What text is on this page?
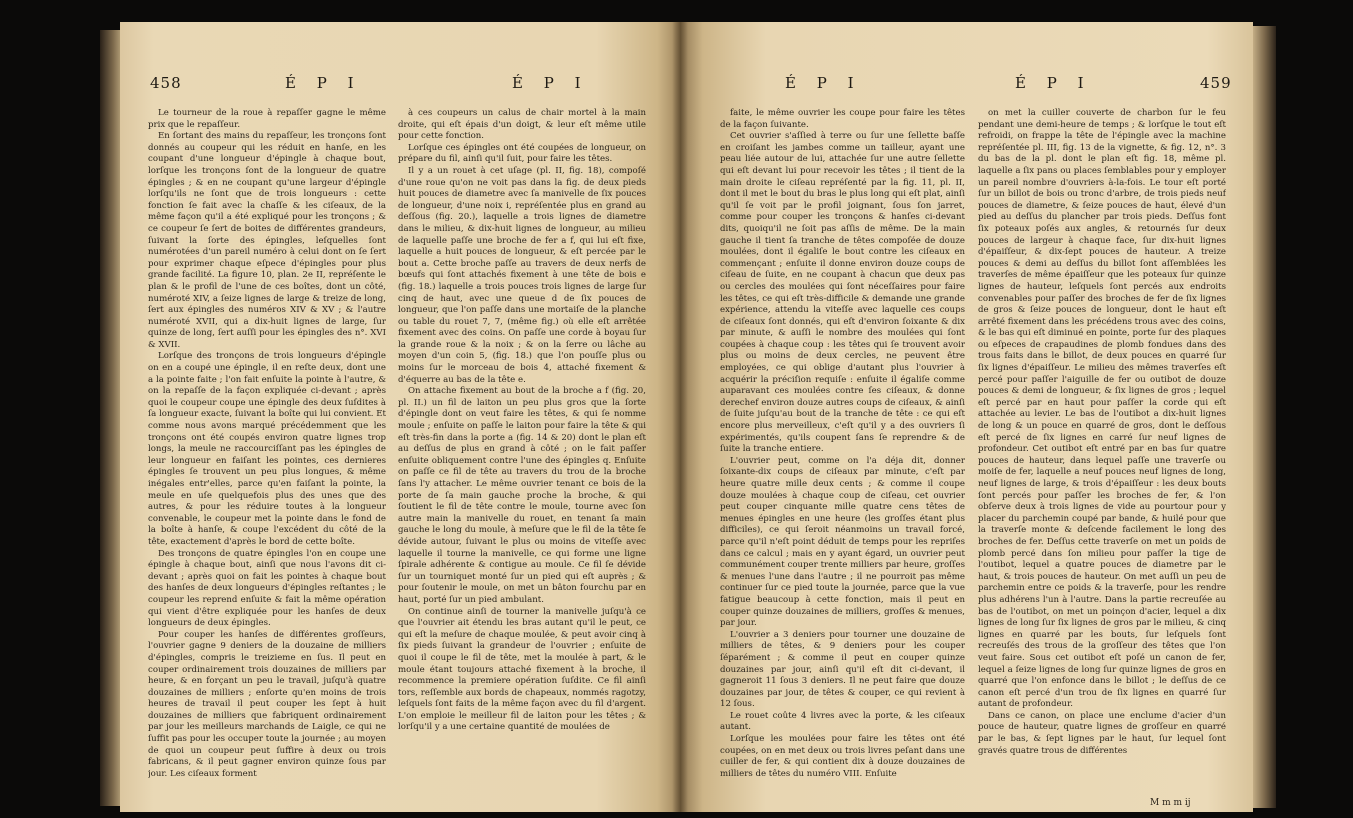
458	É P I	É P I

Le tourneur de la roue à repaſſer gagne le même prix que le repaſſeur.

En ſortant des mains du repaſſeur, les tronçons ſont donnés au coupeur qui les réduit en hanſe, en les coupant d'une longueur d'épingle à chaque bout, lorſque les tronçons ſont de la longueur de quatre épingles ; & en ne coupant qu'une largeur d'épingle lorſqu'ils ne ſont que de trois longueurs : cette fonction ſe fait avec la chaſſe & les ciſeaux, de la même façon qu'il a été expliqué pour les tronçons ; & ce coupeur ſe ſert de boites de différentes grandeurs, ſuivant la ſorte des épingles, leſquelles ſont numérotées d'un pareil numéro à celui dont on ſe ſert pour exprimer chaque eſpece d'épingles pour plus grande facilité. La figure 10, plan. 2e II, repréſente le plan & le profil de l'une de ces boîtes, dont un côté, numéroté XIV, a ſeize lignes de large & treize de long, ſert aux épingles des numéros XIV & XV ; & l'autre numéroté XVII, qui a dix-huit lignes de large, ſur quinze de long, ſert auſſi pour les épingles des n°. XVI & XVII.

Lorſque des tronçons de trois longueurs d'épingle on en a coupé une épingle, il en reſte deux, dont une a la pointe faite ; l'on fait enſuite la pointe à l'autre, & on la repaſſe de la façon expliquée ci-devant ; après quoi le coupeur coupe une épingle des deux ſuſdites à ſa longueur exacte, ſuivant la boîte qui lui convient. Et comme nous avons marqué précédemment que les tronçons ont été coupés environ quatre lignes trop longs, la meule ne raccourciſſant pas les épingles de leur longueur en faiſant les pointes, ces dernieres épingles ſe trouvent un peu plus longues, & même inégales entr'elles, parce qu'en faiſant la pointe, la meule en uſe quelquefois plus des unes que des autres, & pour les réduire toutes à la longueur convenable, le coupeur met la pointe dans le fond de la boîte à hanſe, & coupe l'excédent du côté de la tête, exactement d'après le bord de cette boîte.

Des tronçons de quatre épingles l'on en coupe une épingle à chaque bout, ainſi que nous l'avons dit ci-devant ; après quoi on fait les pointes à chaque bout des hanſes de deux longueurs d'épingles reſtantes ; le coupeur les reprend enſuite & fait la même opération qui vient d'être expliquée pour les hanſes de deux longueurs de deux épingles.

Pour couper les hanſes de différentes groſſeurs, l'ouvrier gagne 9 deniers de la douzaine de milliers d'épingles, compris le treizieme en ſus. Il peut en couper ordinairement trois douzaines de milliers par heure, & en forçant un peu le travail, juſqu'à quatre douzaines de milliers ; enſorte qu'en moins de trois heures de travail il peut couper les ſept à huit douzaines de milliers que fabriquent ordinairement par jour les meilleurs marchands de Laigle, ce qui ne ſuffit pas pour les occuper toute la journée ; au moyen de quoi un coupeur peut ſuffire à deux ou trois fabricans, & il peut gagner environ quinze ſous par jour. Les ciſeaux forment

à ces coupeurs un calus de chair mortel à la main droite, qui eſt épais d'un doigt, & leur eſt même utile pour cette fonction.

Lorſque ces épingles ont été coupées de longueur, on prépare du fil, ainſi qu'il ſuit, pour faire les têtes.

Il y a un rouet à cet uſage (pl. II, fig. 18), compoſé d'une roue qu'on ne voit pas dans la fig. de deux pieds huit pouces de diametre avec ſa manivelle de ſix pouces de longueur, d'une noix i, repréſentée plus en grand au deſſous (fig. 20.), laquelle a trois lignes de diametre dans le milieu, & dix-huit lignes de longueur, au milieu de laquelle paſſe une broche de fer a f, qui lui eſt fixe, laquelle a huit pouces de longueur, & eſt percée par le bout a. Cette broche paſſe au travers de deux nerfs de bœufs qui ſont attachés fixement à une tête de bois e (fig. 18.) laquelle a trois pouces trois lignes de large ſur cinq de haut, avec une queue d de ſix pouces de longueur, que l'on paſſe dans une mortaiſe de la planche ou table du rouet 7, 7, (même fig.) où elle eſt arrêtée fixement avec des coins. On paſſe une corde à boyau ſur la grande roue & la noix ; & on la ſerre ou lâche au moyen d'un coin 5, (fig. 18.) que l'on pouſſe plus ou moins ſur le morceau de bois 4, attaché fixement & d'équerre au bas de la tête e.

On attache fixement au bout de la broche a f (fig. 20, pl. II.) un fil de laiton un peu plus gros que la ſorte d'épingle dont on veut faire les têtes, & qui ſe nomme moule ; enſuite on paſſe le laiton pour faire la tête & qui eſt très-fin dans la porte a (fig. 14 & 20) dont le plan eſt au deſſus de plus en grand à côté ; on le fait paſſer enſuite obliquement contre l'une des épingles q. Enſuite on paſſe ce fil de tête au travers du trou de la broche ſans l'y attacher. Le même ouvrier tenant ce bois de la porte de ſa main gauche proche la broche, & qui ſoutient le fil de tête contre le moule, tourne avec ſon autre main la manivelle du rouet, en tenant ſa main gauche le long du moule, à meſure que le fil de la tête ſe dévide autour, ſuivant le plus ou moins de viteſſe avec laquelle il tourne la manivelle, ce qui forme une ligne ſpirale adhérente & contigue au moule. Ce fil ſe dévide ſur un tourniquet monté ſur un pied qui eſt auprès ; & pour ſoutenir le moule, on met un bâton fourchu par en haut, porté ſur un pied ambulant.

On continue ainſi de tourner la manivelle juſqu'à ce que l'ouvrier ait étendu les bras autant qu'il le peut, ce qui eſt la meſure de chaque moulée, & peut avoir cinq à ſix pieds ſuivant la grandeur de l'ouvrier ; enſuite de quoi il coupe le fil de tête, met la moulée à part, & le moule étant toujours attaché fixement à la broche, il recommence la premiere opération ſuſdite. Ce fil ainſi tors, reſſemble aux bords de chapeaux, nommés ragotzy, leſquels ſont faits de la même façon avec du fil d'argent. L'on emploie le meilleur fil de laiton pour les têtes ; & lorſqu'il y a une certaine quantité de moulées de

É P I	É P I	459

faite, le même ouvrier les coupe pour faire les têtes de la façon ſuivante.

Cet ouvrier s'aſſied à terre ou ſur une ſellette baſſe en croiſant les jambes comme un tailleur, ayant une peau liée autour de lui, attachée ſur une autre ſellette qui eſt devant lui pour recevoir les têtes ; il tient de la main droite le ciſeau repréſenté par la fig. 11, pl. II, dont il met le bout du bras le plus long qui eſt plat, ainſi qu'il ſe voit par le profil joignant, ſous ſon jarret, comme pour couper les tronçons & hanſes ci-devant dits, quoiqu'il ne ſoit pas aſſis de même. De la main gauche il tient ſa tranche de têtes compoſée de douze moulées, dont il égaliſe le bout contre les ciſeaux en commençant ; enſuite il donne environ douze coups de ciſeau de ſuite, en ne coupant à chacun que deux pas ou cercles des moulées qui ſont néceſſaires pour faire les têtes, ce qui eſt très-difficile & demande une grande expérience, attendu la viteſſe avec laquelle ces coups de ciſeaux ſont donnés, qui eſt d'environ ſoixante & dix par minute, & auſſi le nombre des moulées qui ſont coupées à chaque coup : les têtes qui ſe trouvent avoir plus ou moins de deux cercles, ne peuvent être employées, ce qui oblige d'autant plus l'ouvrier à acquérir la préciſion requiſe : enſuite il égaliſe comme auparavant ces moulées contre ſes ciſeaux, & donne derechef environ douze autres coups de ciſeaux, & ainſi de ſuite juſqu'au bout de la tranche de tête : ce qui eſt encore plus merveilleux, c'eſt qu'il y a des ouvriers ſi expérimentés, qu'ils coupent ſans ſe reprendre & de ſuite la tranche entiere.

L'ouvrier peut, comme on l'a déja dit, donner ſoixante-dix coups de ciſeaux par minute, c'eſt par heure quatre mille deux cents ; & comme il coupe douze moulées à chaque coup de ciſeau, cet ouvrier peut couper cinquante mille quatre cens têtes de menues épingles en une heure (les groſſes étant plus difficiles), ce qui ſeroit néanmoins un travail forcé, parce qu'il n'eſt point déduit de temps pour les repriſes dans ce calcul ; mais en y ayant égard, un ouvrier peut communément couper trente milliers par heure, groſſes & menues l'une dans l'autre ; il ne pourroit pas même continuer ſur ce pied toute la journée, parce que la vue fatigue beaucoup à cette fonction, mais il peut en couper quinze douzaines de milliers, groſſes & menues, par jour.

L'ouvrier a 3 deniers pour tourner une douzaine de milliers de têtes, & 9 deniers pour les couper ſéparément ; & comme il peut en couper quinze douzaines par jour, ainſi qu'il eſt dit ci-devant, il gagneroit 11 ſous 3 deniers. Il ne peut faire que douze douzaines par jour, de têtes & couper, ce qui revient à 12 ſous.

Le rouet coûte 4 livres avec la porte, & les ciſeaux autant.

Lorſque les moulées pour faire les têtes ont été coupées, on en met deux ou trois livres peſant dans une cuiller de fer, & qui contient dix à douze douzaines de milliers de têtes du numéro VIII. Enſuite

on met la cuiller couverte de charbon ſur le feu pendant une demi-heure de temps ; & lorſque le tout eſt refroidi, on frappe la tête de l'épingle avec la machine repréſentée pl. III, fig. 13 de la vignette, & fig. 12, n°. 3 du bas de la pl. dont le plan eſt fig. 18, même pl. laquelle a ſix pans ou places ſemblables pour y employer un pareil nombre d'ouvriers à-la-fois. Le tour eſt porté ſur un billot de bois ou tronc d'arbre, de trois pieds neuf pouces de diametre, & ſeize pouces de haut, élevé d'un pied au deſſus du plancher par trois pieds. Deſſus font ſix poteaux poſés aux angles, & retournés ſur deux pouces de largeur à chaque face, ſur dix-huit lignes d'épaiſſeur, & dix-ſept pouces de hauteur. A treize pouces & demi au deſſus du billot ſont aſſemblées les traverſes de même épaiſſeur que les poteaux ſur quinze lignes de hauteur, leſquels ſont percés aux endroits convenables pour paſſer des broches de fer de ſix lignes de gros & ſeize pouces de longueur, dont le haut eſt arrêté fixement dans les précédens trous avec des coins, & le bas qui eſt diminué en pointe, porte ſur des plaques ou eſpeces de crapaudines de plomb fondues dans des trous faits dans le billot, de deux pouces en quarré ſur ſix lignes d'épaiſſeur. Le milieu des mêmes traverſes eſt percé pour paſſer l'aiguille de fer ou outibot de douze pouces & demi de longueur, & ſix lignes de gros ; lequel eſt percé par en haut pour paſſer la corde qui eſt attachée au levier. Le bas de l'outibot a dix-huit lignes de long & un pouce en quarré de gros, dont le deſſous eſt percé de ſix lignes en carré ſur neuf lignes de profondeur. Cet outibot eſt entré par en bas ſur quatre pouces de hauteur, dans lequel paſſe une traverſe ou moiſe de fer, laquelle a neuf pouces neuf lignes de long, neuf lignes de large, & trois d'épaiſſeur : les deux bouts ſont percés pour paſſer les broches de fer, & l'on obſerve deux à trois lignes de vide au pourtour pour y placer du parchemin coupé par bande, & huilé pour que la traverſe monte & deſcende facilement le long des broches de fer. Deſſus cette traverſe on met un poids de plomb percé dans ſon milieu pour paſſer la tige de l'outibot, lequel a quatre pouces de diametre par le haut, & trois pouces de hauteur. On met auſſi un peu de parchemin entre ce poids & la traverſe, pour les rendre plus adhérens l'un à l'autre. Dans la partie recreuſée au bas de l'outibot, on met un poinçon d'acier, lequel a dix lignes de long ſur ſix lignes de gros par le milieu, & cinq lignes en quarré par les bouts, ſur leſquels ſont recreuſés des trous de la groſſeur des têtes que l'on veut faire. Sous cet outibot eſt poſé un canon de fer, lequel a ſeize lignes de long ſur quinze lignes de gros en quarré que l'on enfonce dans le billot ; le deſſus de ce canon eſt percé d'un trou de ſix lignes en quarré ſur autant de profondeur.

Dans ce canon, on place une enclume d'acier d'un pouce de hauteur, quatre lignes de groſſeur en quarré par le bas, & ſept lignes par le haut, ſur lequel ſont gravés quatre trous de différentes

M m m ij
